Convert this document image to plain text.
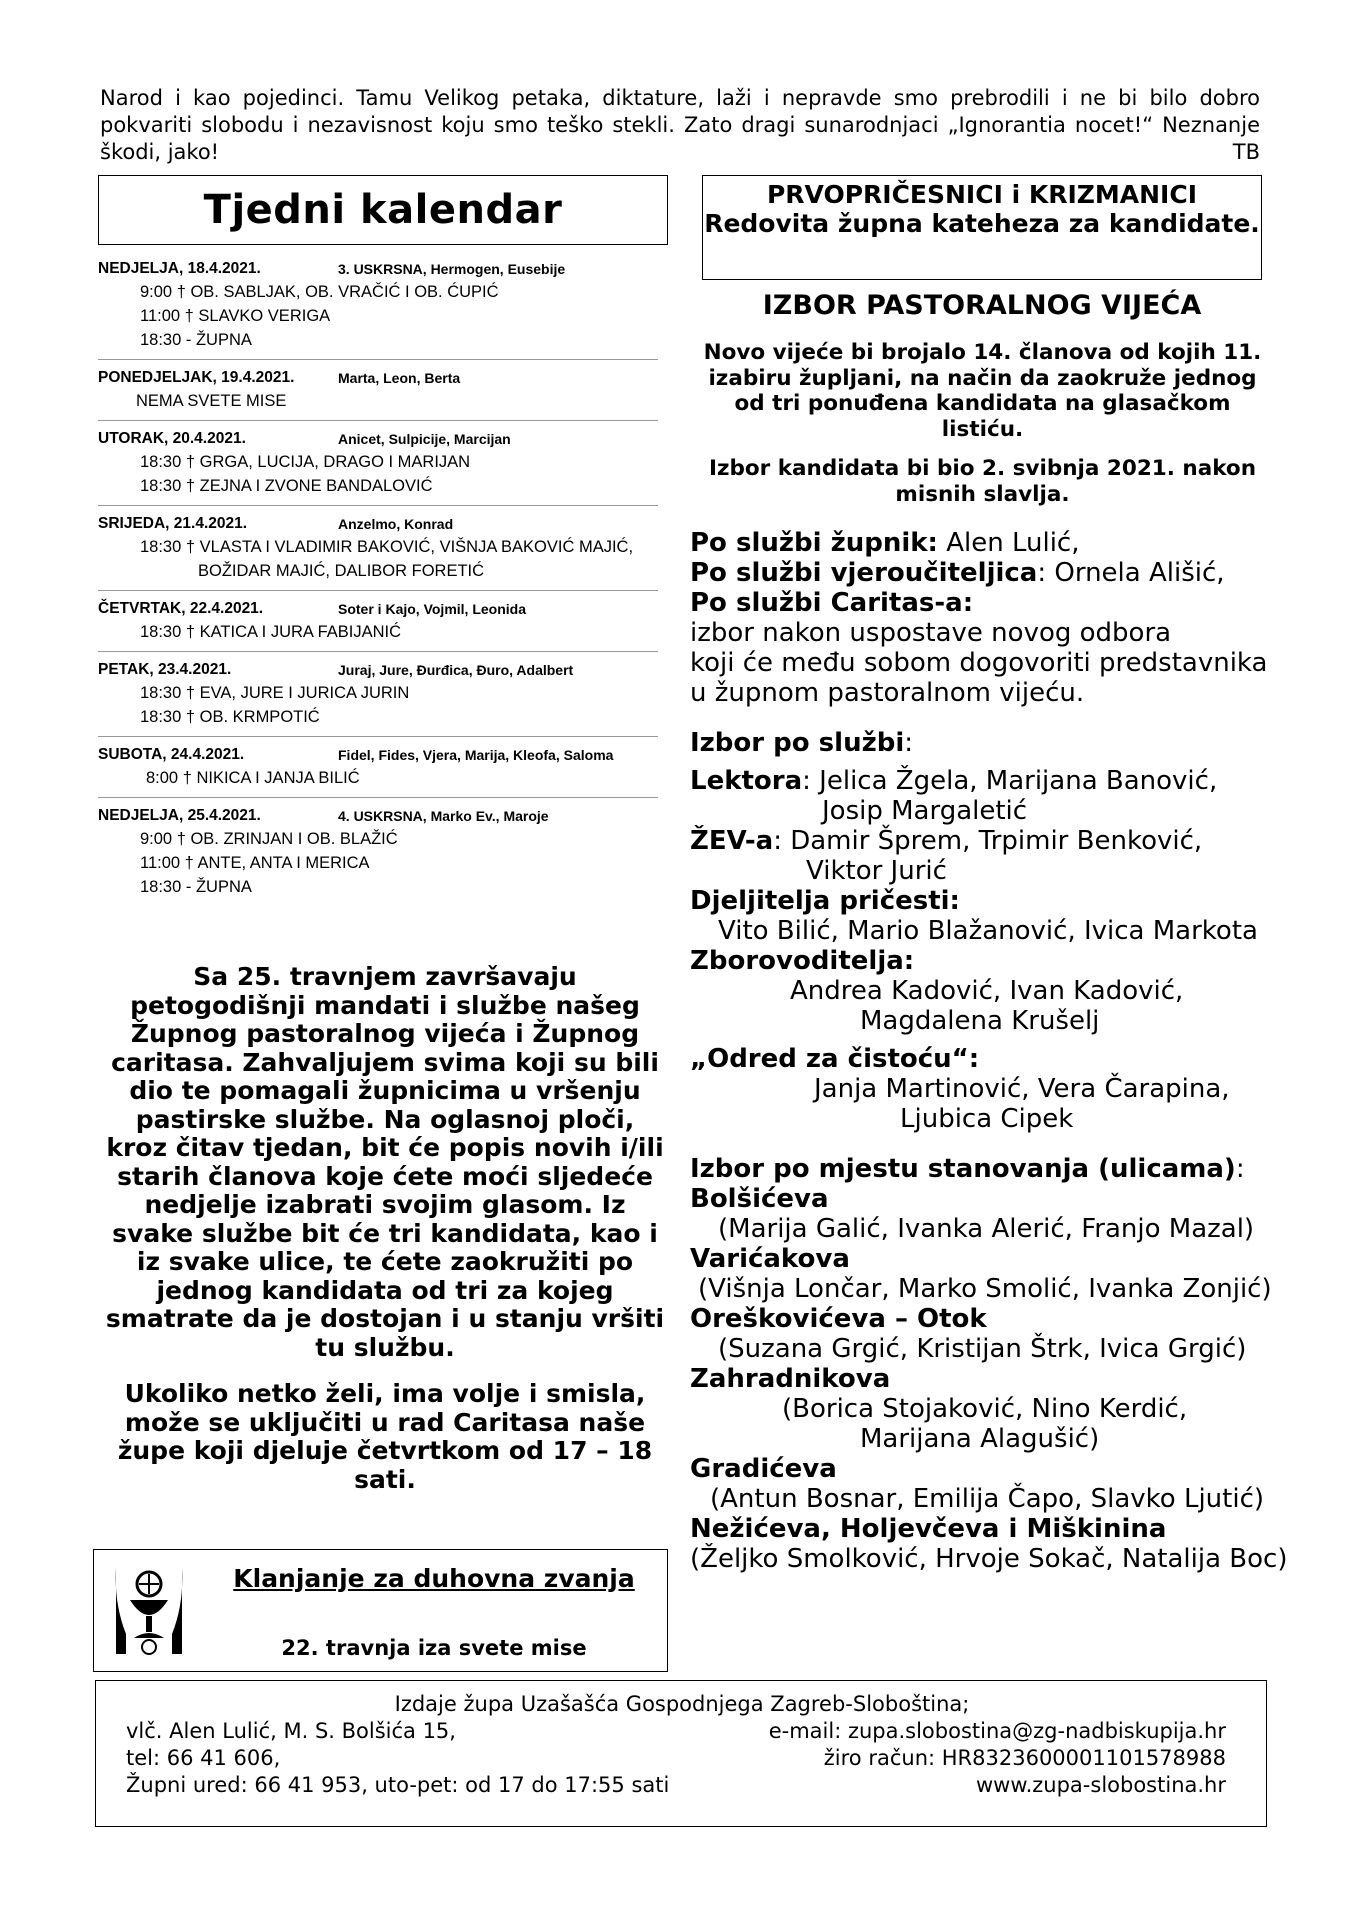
Narod i kao pojedinci. Tamu Velikog petaka, diktature, laži i nepravde smo prebrodili i ne bi bilo dobro pokvariti slobodu i nezavisnost koju smo teško stekli. Zato dragi sunarodnjaci „Ignorantia nocet!“ Neznanje škodi, jako!	TB
Tjedni kalendar
NEDJELJA, 18.4.2021.	3. USKRSNA, Hermogen, Eusebije
9:00 † OB. SABLJAK, OB. VRAČIĆ I OB. ĆUPIĆ
11:00 † SLAVKO VERIGA
18:30 - ŽUPNA
PONEDJELJAK, 19.4.2021.	Marta, Leon, Berta
NEMA SVETE MISE
UTORAK, 20.4.2021.	Anicet, Sulpicije, Marcijan
18:30 † GRGA, LUCIJA, DRAGO I MARIJAN
18:30 † ZEJNA I ZVONE BANDALOVIĆ
SRIJEDA, 21.4.2021.	Anzelmo, Konrad
18:30 † VLASTA I VLADIMIR BAKOVIĆ, VIŠNJA BAKOVIĆ MAJIĆ,
BOŽIDAR MAJIĆ, DALIBOR FORETIĆ
ČETVRTAK, 22.4.2021.	Soter i Kajo, Vojmil, Leonida
18:30 † KATICA I JURA FABIJANIĆ
PETAK, 23.4.2021.	Juraj, Jure, Đurđica, Đuro, Adalbert
18:30 † EVA, JURE I JURICA JURIN
18:30 † OB. KRMPOTIĆ
SUBOTA, 24.4.2021.	Fidel, Fides, Vjera, Marija, Kleofa, Saloma
8:00 † NIKICA I JANJA BILIĆ
NEDJELJA, 25.4.2021.	4. USKRSNA, Marko Ev., Maroje
9:00 † OB. ZRINJAN I OB. BLAŽIĆ
11:00 † ANTE, ANTA I MERICA
18:30 - ŽUPNA

Sa 25. travnjem završavaju petogodišnji mandati i službe našeg Župnog pastoralnog vijeća i Župnog caritasa. Zahvaljujem svima koji su bili dio te pomagali župnicima u vršenju pastirske službe. Na oglasnoj ploči, kroz čitav tjedan, bit će popis novih i/ili starih članova koje ćete moći sljedeće nedjelje izabrati svojim glasom. Iz svake službe bit će tri kandidata, kao i iz svake ulice, te ćete zaokružiti po jednog kandidata od tri za kojeg smatrate da je dostojan i u stanju vršiti tu službu.

Ukoliko netko želi, ima volje i smisla, može se uključiti u rad Caritasa naše župe koji djeluje četvrtkom od 17 – 18 sati.

Klanjanje za duhovna zvanja
22. travnja iza svete mise
PRVOPRIČESNICI i KRIZMANICI Redovita župna kateheza za kandidate.
IZBOR PASTORALNOG VIJEĆA
Novo vijeće bi brojalo 14. članova od kojih 11. izabiru župljani, na način da zaokruže jednog od tri ponuđena kandidata na glasačkom listiću.
Izbor kandidata bi bio 2. svibnja 2021. nakon misnih slavlja.
Po službi župnik: Alen Lulić,
Po službi vjeroučiteljica: Ornela Ališić,
Po službi Caritas-a:
izbor nakon uspostave novog odbora
koji će među sobom dogovoriti predstavnika
u župnom pastoralnom vijeću.
Izbor po službi:
Lektora: Jelica Žgela, Marijana Banović,
Josip Margaletić
ŽEV-a: Damir Šprem, Trpimir Benković,
Viktor Jurić
Djeljitelja pričesti:
Vito Bilić, Mario Blažanović, Ivica Markota
Zborovoditelja:
Andrea Kadović, Ivan Kadović,
Magdalena Krušelj
„Odred za čistoću“:
Janja Martinović, Vera Čarapina,
Ljubica Cipek
Izbor po mjestu stanovanja (ulicama):
Bolšićeva
(Marija Galić, Ivanka Alerić, Franjo Mazal)
Varićakova
(Višnja Lončar, Marko Smolić, Ivanka Zonjić)
Oreškovićeva – Otok
(Suzana Grgić, Kristijan Štrk, Ivica Grgić)
Zahradnikova
(Borica Stojaković, Nino Kerdić,
Marijana Alagušić)
Gradićeva
(Antun Bosnar, Emilija Čapo, Slavko Ljutić)
Nežićeva, Holjevčeva i Miškinina
(Željko Smolković, Hrvoje Sokač, Natalija Boc)
Izdaje župa Uzašašća Gospodnjega Zagreb-Sloboština;
vlč. Alen Lulić, M. S. Bolšića 15,
tel: 66 41 606,
Župni ured: 66 41 953, uto-pet: od 17 do 17:55 sati
e-mail: zupa.slobostina@zg-nadbiskupija.hr
žiro račun: HR8323600001101578988
www.zupa-slobostina.hr
